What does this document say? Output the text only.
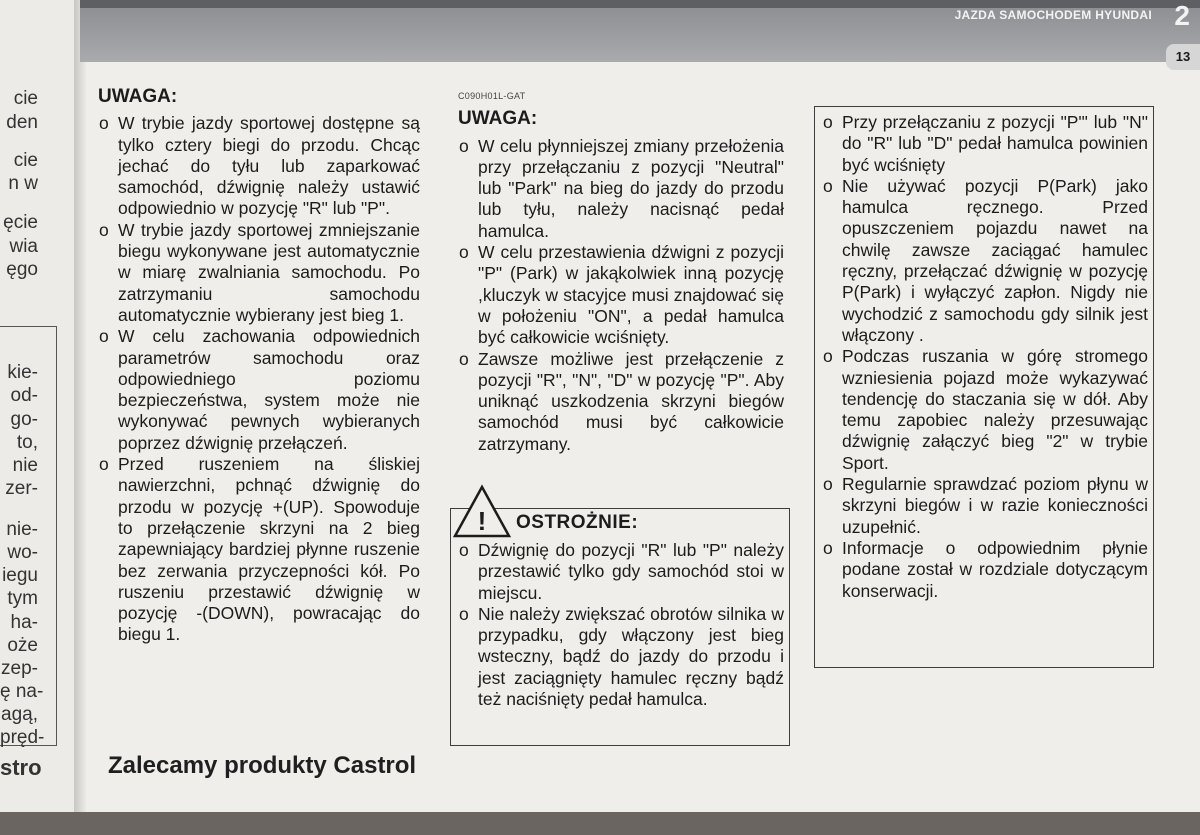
cie
den
cie
n w
ęcie
wia
ęgo
kie-
od-
go-
to,
nie
zer-
nie-
wo-
iegu
tym
ha-
oże
zep-
ę na-
agą,
pręd-
stro
JAZDA SAMOCHODEM HYUNDAI 2
13
UWAGA:
o W trybie jazdy sportowej dostępne są tylko cztery biegi do przodu. Chcąc jechać do tyłu lub zaparkować samochód, dźwignię należy ustawić odpowiednio w pozycję "R" lub "P".
o W trybie jazdy sportowej zmniejszanie biegu wykonywane jest automatycznie w miarę zwalniania samochodu. Po zatrzymaniu samochodu automatycznie wybierany jest bieg 1.
o W celu zachowania odpowiednich parametrów samochodu oraz odpowiedniego poziomu bezpieczeństwa, system może nie wykonywać pewnych wybieranych poprzez dźwignię przełączeń.
o Przed ruszeniem na śliskiej nawierzchni, pchnąć dźwignię do przodu w pozycję +(UP). Spowoduje to przełączenie skrzyni na 2 bieg zapewniający bardziej płynne ruszenie bez zerwania przyczepności kół. Po ruszeniu przestawić dźwignię w pozycję -(DOWN), powracając do biegu 1.
C090H01L-GAT
UWAGA:
o W celu płynniejszej zmiany przełożenia przy przełączaniu z pozycji "Neutral" lub "Park" na bieg do jazdy do przodu lub tyłu, należy nacisnąć pedał hamulca.
o W celu przestawienia dźwigni z pozycji "P" (Park) w jakąkolwiek inną pozycję ,kluczyk w stacyjce musi znajdować się w położeniu "ON", a pedał hamulca być całkowicie wciśnięty.
o Zawsze możliwe jest przełączenie z pozycji "R", "N", "D" w pozycję "P". Aby uniknąć uszkodzenia skrzyni biegów samochód musi być całkowicie zatrzymany.
! OSTROŻNIE:
o Dźwignię do pozycji "R" lub "P" należy przestawić tylko gdy samochód stoi w miejscu.
o Nie należy zwiększać obrotów silnika w przypadku, gdy włączony jest bieg wsteczny, bądź do jazdy do przodu i jest zaciągnięty hamulec ręczny bądź też naciśnięty pedał hamulca.
o Przy przełączaniu z pozycji "P"' lub "N" do "R" lub "D" pedał hamulca powinien być wciśnięty
o Nie używać pozycji P(Park) jako hamulca ręcznego. Przed opuszczeniem pojazdu nawet na chwilę zawsze zaciągać hamulec ręczny, przełączać dźwignię w pozycję P(Park) i wyłączyć zapłon. Nigdy nie wychodzić z samochodu gdy silnik jest włączony .
o Podczas ruszania w górę stromego wzniesienia pojazd może wykazywać tendencję do staczania się w dół. Aby temu zapobiec należy przesuwając dźwignię załączyć bieg "2" w trybie Sport.
o Regularnie sprawdzać poziom płynu w skrzyni biegów i w razie konieczności uzupełnić.
o Informacje o odpowiednim płynie podane został w rozdziale dotyczącym konserwacji.
Zalecamy produkty Castrol
